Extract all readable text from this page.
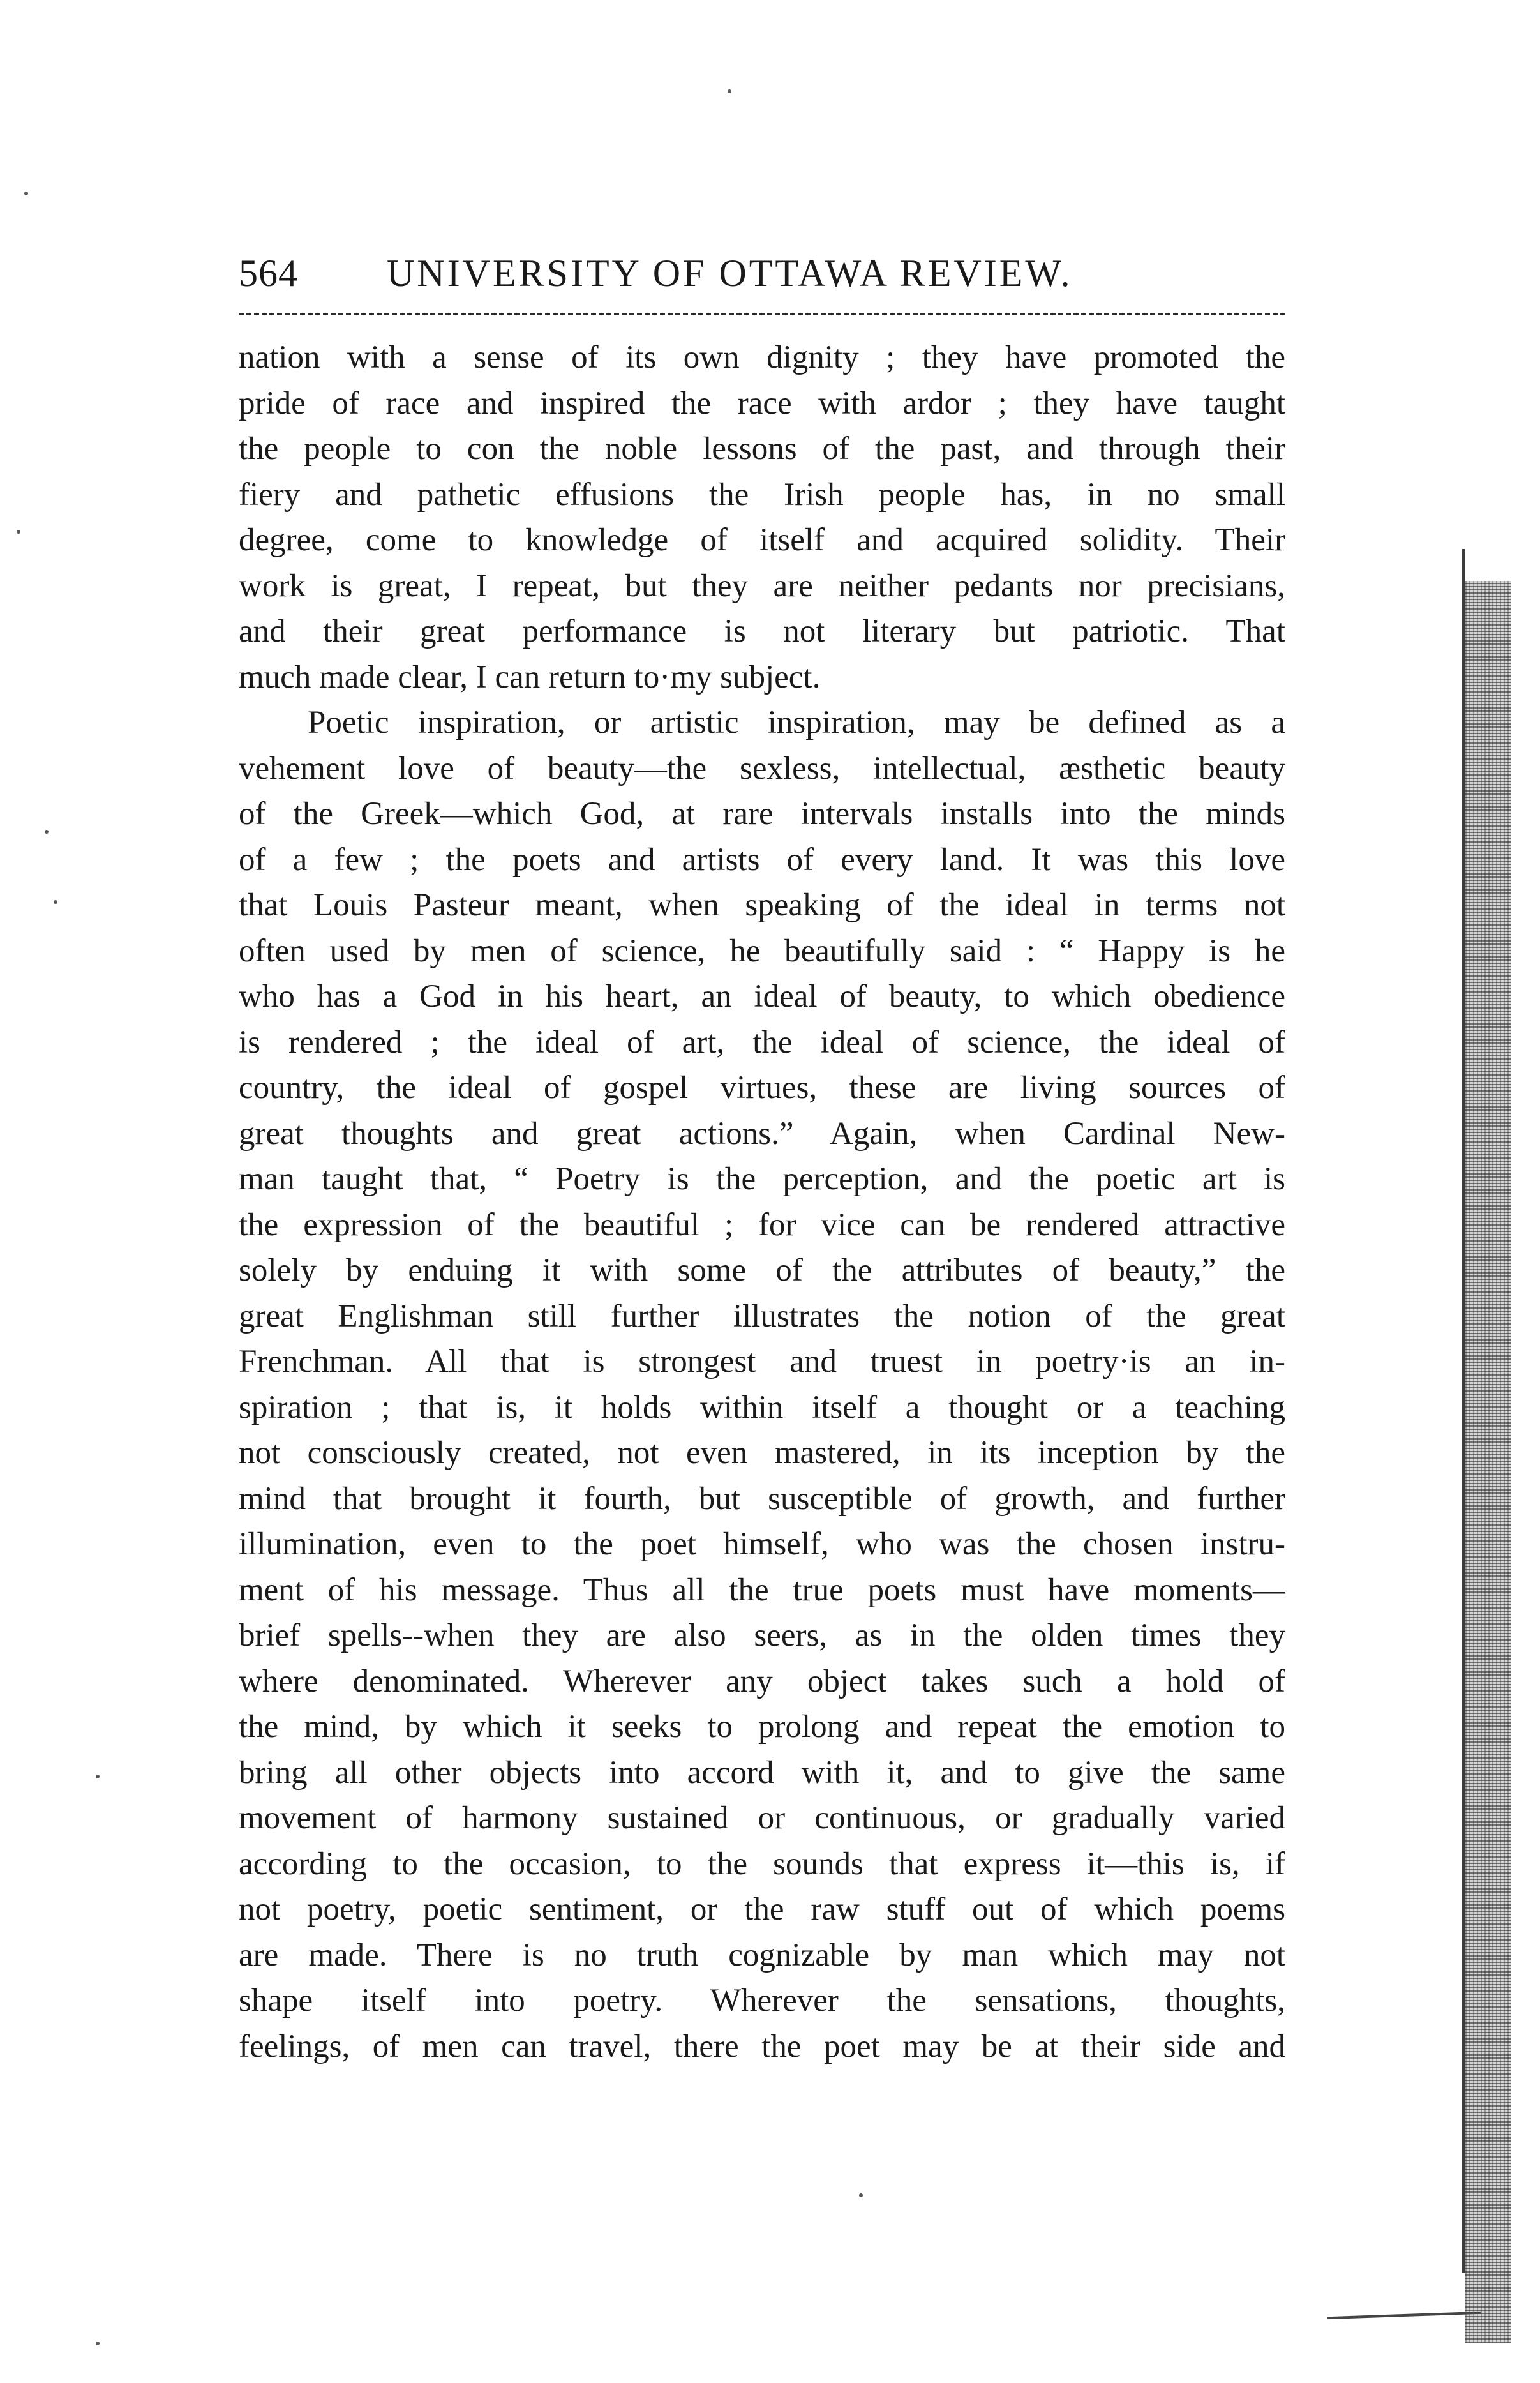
564 UNIVERSITY OF OTTAWA REVIEW.
nation with a sense of its own dignity ; they have promoted the
pride of race and inspired the race with ardor ; they have taught
the people to con the noble lessons of the past, and through their
fiery and pathetic effusions the Irish people has, in no small
degree, come to knowledge of itself and acquired solidity. Their
work is great, I repeat, but they are neither pedants nor precisians,
and their great performance is not literary but patriotic. That
much made clear, I can return to·my subject.
Poetic inspiration, or artistic inspiration, may be defined as a
vehement love of beauty—the sexless, intellectual, æsthetic beauty
of the Greek—which God, at rare intervals installs into the minds
of a few ; the poets and artists of every land. It was this love
that Louis Pasteur meant, when speaking of the ideal in terms not
often used by men of science, he beautifully said : “ Happy is he
who has a God in his heart, an ideal of beauty, to which obedience
is rendered ; the ideal of art, the ideal of science, the ideal of
country, the ideal of gospel virtues, these are living sources of
great thoughts and great actions.” Again, when Cardinal New-
man taught that, “ Poetry is the perception, and the poetic art is
the expression of the beautiful ; for vice can be rendered attractive
solely by enduing it with some of the attributes of beauty,” the
great Englishman still further illustrates the notion of the great
Frenchman. All that is strongest and truest in poetry·is an in-
spiration ; that is, it holds within itself a thought or a teaching
not consciously created, not even mastered, in its inception by the
mind that brought it fourth, but susceptible of growth, and further
illumination, even to the poet himself, who was the chosen instru-
ment of his message. Thus all the true poets must have moments—
brief spells--when they are also seers, as in the olden times they
where denominated. Wherever any object takes such a hold of
the mind, by which it seeks to prolong and repeat the emotion to
bring all other objects into accord with it, and to give the same
movement of harmony sustained or continuous, or gradually varied
according to the occasion, to the sounds that express it—this is, if
not poetry, poetic sentiment, or the raw stuff out of which poems
are made. There is no truth cognizable by man which may not
shape itself into poetry. Wherever the sensations, thoughts,
feelings, of men can travel, there the poet may be at their side and
